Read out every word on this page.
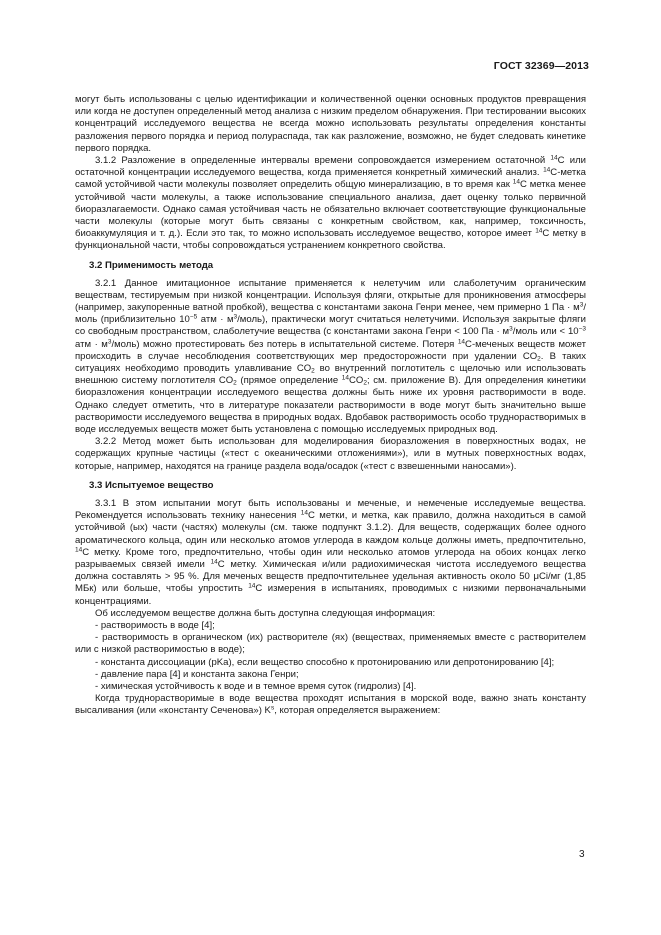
ГОСТ 32369—2013

могут быть использованы с целью идентификации и количественной оценки основных продуктов превращения или когда не доступен определенный метод анализа с низким пределом обнаружения. При тестировании высоких концентраций исследуемого вещества не всегда можно использовать результаты определения константы разложения первого порядка и период полураспада, так как разложение, возможно, не будет следовать кинетике первого порядка.

3.1.2 Разложение в определенные интервалы времени сопровождается измерением остаточной $^{14}$С или остаточной концентрации исследуемого вещества, когда применяется конкретный химический анализ. $^{14}$С-метка самой устойчивой части молекулы позволяет определить общую минерализацию, в то время как $^{14}$С метка менее устойчивой части молекулы, а также использование специального анализа, дает оценку только первичной биоразлагаемости. Однако самая устойчивая часть не обязательно включает соответствующие функциональные части молекулы (которые могут быть связаны с конкретным свойством, как, например, токсичность, биоаккумуляция и т. д.). Если это так, то можно использовать исследуемое вещество, которое имеет $^{14}$С метку в функциональной части, чтобы сопровождаться устранением конкретного свойства.

3.2 Применимость метода

3.2.1 Данное имитационное испытание применяется к нелетучим или слаболетучим органическим веществам, тестируемым при низкой концентрации. Используя фляги, открытые для проникновения атмосферы (например, закупоренные ватной пробкой), вещества с константами закона Генри менее, чем примерно 1 Па · $м^3$/моль (приблизительно $10^{-5}$ атм · $м^3/моль$), практически могут считаться нелетучими. Используя закрытые фляги со свободным пространством, слаболетучие вещества (с константами закона Генри < 100 Па · $м^3$/моль или < $10^{-3}$ атм · $м^3/моль$) можно протестировать без потерь в испытательной системе. Потеря $^{14}$С-меченых веществ может происходить в случае несоблюдения соответствующих мер предосторожности при удалении $CO_2$. В таких ситуациях необходимо проводить улавливание $CO_2$ во внутренний поглотитель с щелочью или использовать внешнюю систему поглотителя $CO_2$ (прямое определение $^{14}CO_2$; см. приложение В). Для определения кинетики биоразложения концентрации исследуемого вещества должны быть ниже их уровня растворимости в воде. Однако следует отметить, что в литературе показатели растворимости в воде могут быть значительно выше растворимости исследуемого вещества в природных водах. Вдобавок растворимость особо труднорастворимых в воде исследуемых веществ может быть установлена с помощью исследуемых природных вод.

3.2.2 Метод может быть использован для моделирования биоразложения в поверхностных водах, не содержащих крупные частицы («тест с океаническими отложениями»), или в мутных поверхностных водах, которые, например, находятся на границе раздела вода/осадок («тест с взвешенными наносами»).

3.3 Испытуемое вещество

3.3.1 В этом испытании могут быть использованы и меченые, и немеченые исследуемые вещества. Рекомендуется использовать технику нанесения $^{14}$С метки, и метка, как правило, должна находиться в самой устойчивой (ых) части (частях) молекулы (см. также подпункт 3.1.2). Для веществ, содержащих более одного ароматического кольца, один или несколько атомов углерода в каждом кольце должны иметь, предпочтительно, $^{14}$С метку. Кроме того, предпочтительно, чтобы один или несколько атомов углерода на обоих концах легко разрываемых связей имели $^{14}$С метку. Химическая и/или радиохимическая чистота исследуемого вещества должна составлять > 95 %. Для меченых веществ предпочтительнее удельная активность около 50 μCi/мг (1,85 МБк) или больше, чтобы упростить $^{14}$С измерения в испытаниях, проводимых с низкими первоначальными концентрациями.

Об исследуемом веществе должна быть доступна следующая информация:

- растворимость в воде [4];

- растворимость в органическом (их) растворителе (ях) (веществах, применяемых вместе с растворителем или с низкой растворимостью в воде);

- константа диссоциации (pKa), если вещество способно к протонированию или депротонированию [4];

- давление пара [4] и константа закона Генри;

- химическая устойчивость к воде и в темное время суток (гидролиз) [4].

Когда труднорастворимые в воде вещества проходят испытания в морской воде, важно знать константу высаливания (или «константу Сеченова») $K^s$, которая определяется выражением:

3
